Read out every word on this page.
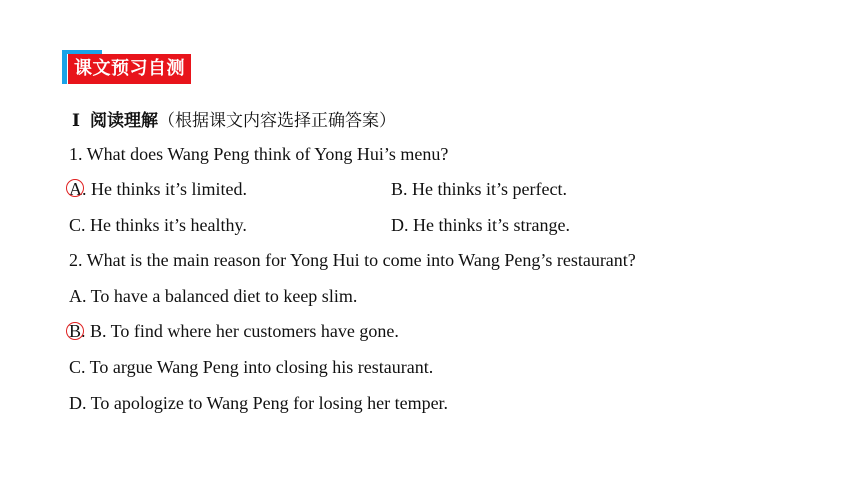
课文预习自测
Ⅰ 阅读理解（根据课文内容选择正确答案）
1. What does Wang Peng think of Yong Hui’s menu?
A. He thinks it’s limited.	B. He thinks it’s perfect.
C. He thinks it’s healthy.	D. He thinks it’s strange.
2. What is the main reason for Yong Hui to come into Wang Peng’s restaurant?
A. To have a balanced diet to keep slim.
B. B. To find where her customers have gone.
C. To argue Wang Peng into closing his restaurant.
D. To apologize to Wang Peng for losing her temper.
